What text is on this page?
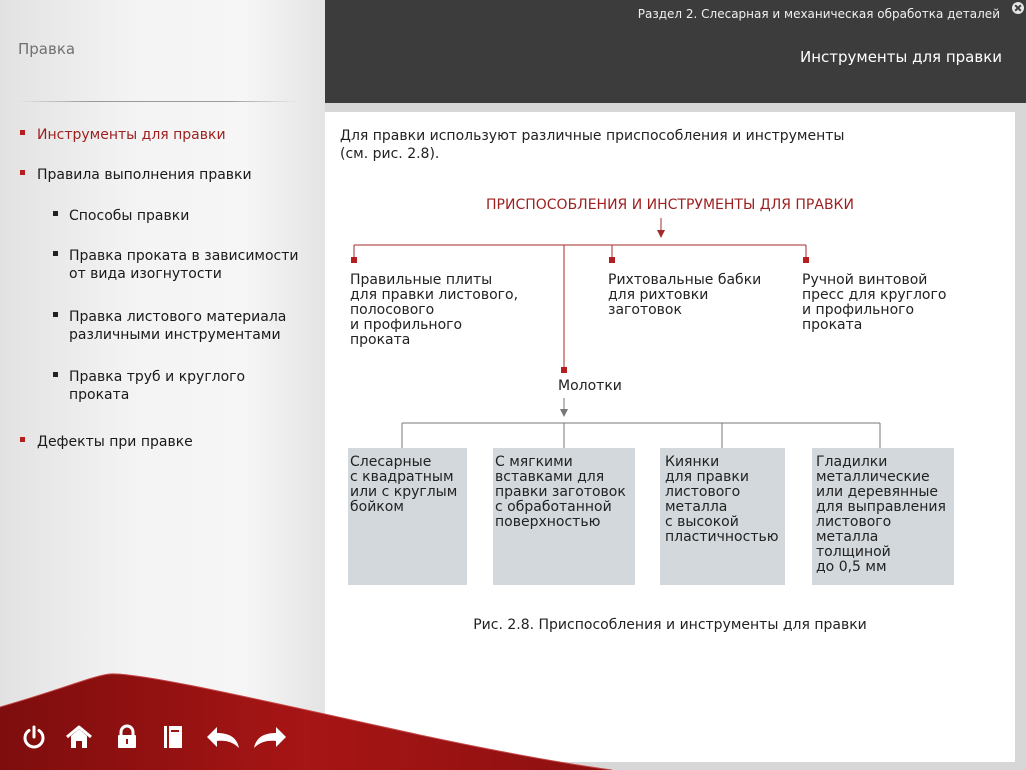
Правка
Инструменты для правки
Правила выполнения правки
Способы правки
Правка проката в зависимости
от вида изогнутости
Правка листового материала
различными инструментами
Правка труб и круглого
проката
Дефекты при правке
Раздел 2. Слесарная и механическая обработка деталей
Инструменты для правки
Для правки используют различные приспособления и инструменты
(см. рис. 2.8).
ПРИСПОСОБЛЕНИЯ И ИНСТРУМЕНТЫ ДЛЯ ПРАВКИ
Правильные плиты
для правки листового,
полосового
и профильного
проката
Рихтовальные бабки
для рихтовки
заготовок
Ручной винтовой
пресс для круглого
и профильного
проката
Молотки
Слесарные
с квадратным
или с круглым
бойком
С мягкими
вставками для
правки заготовок
с обработанной
поверхностью
Киянки
для правки
листового
металла
с высокой
пластичностью
Гладилки
металлические
или деревянные
для выправления
листового
металла
толщиной
до 0,5 мм
Рис. 2.8. Приспособления и инструменты для правки
